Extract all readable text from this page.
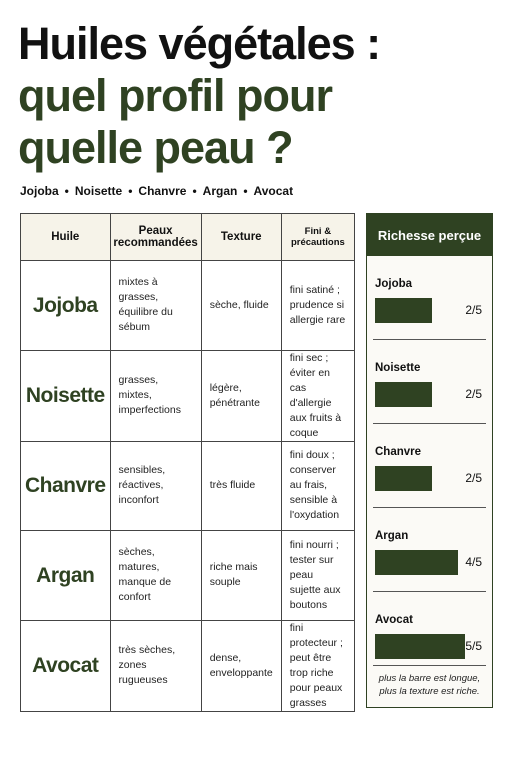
Huiles végétales :
quel profil pour
quelle peau ?
Jojoba • Noisette • Chanvre • Argan • Avocat
Huile	Peaux recommandées	Texture	Fini & précautions
Jojoba	mixtes à grasses, équilibre du sébum	sèche, fluide	fini satiné ; prudence si allergie rare
Noisette	grasses, mixtes, imperfections	légère, pénétrante	fini sec ; éviter en cas d'allergie aux fruits à coque
Chanvre	sensibles, réactives, inconfort	très fluide	fini doux ; conserver au frais, sensible à l'oxydation
Argan	sèches, matures, manque de confort	riche mais souple	fini nourri ; tester sur peau sujette aux boutons
Avocat	très sèches, zones rugueuses	dense, enveloppante	fini protecteur ; peut être trop riche pour peaux grasses
Richesse perçue
Jojoba
2/5
Noisette
2/5
Chanvre
2/5
Argan
4/5
Avocat
5/5
plus la barre est longue,
plus la texture est riche.
